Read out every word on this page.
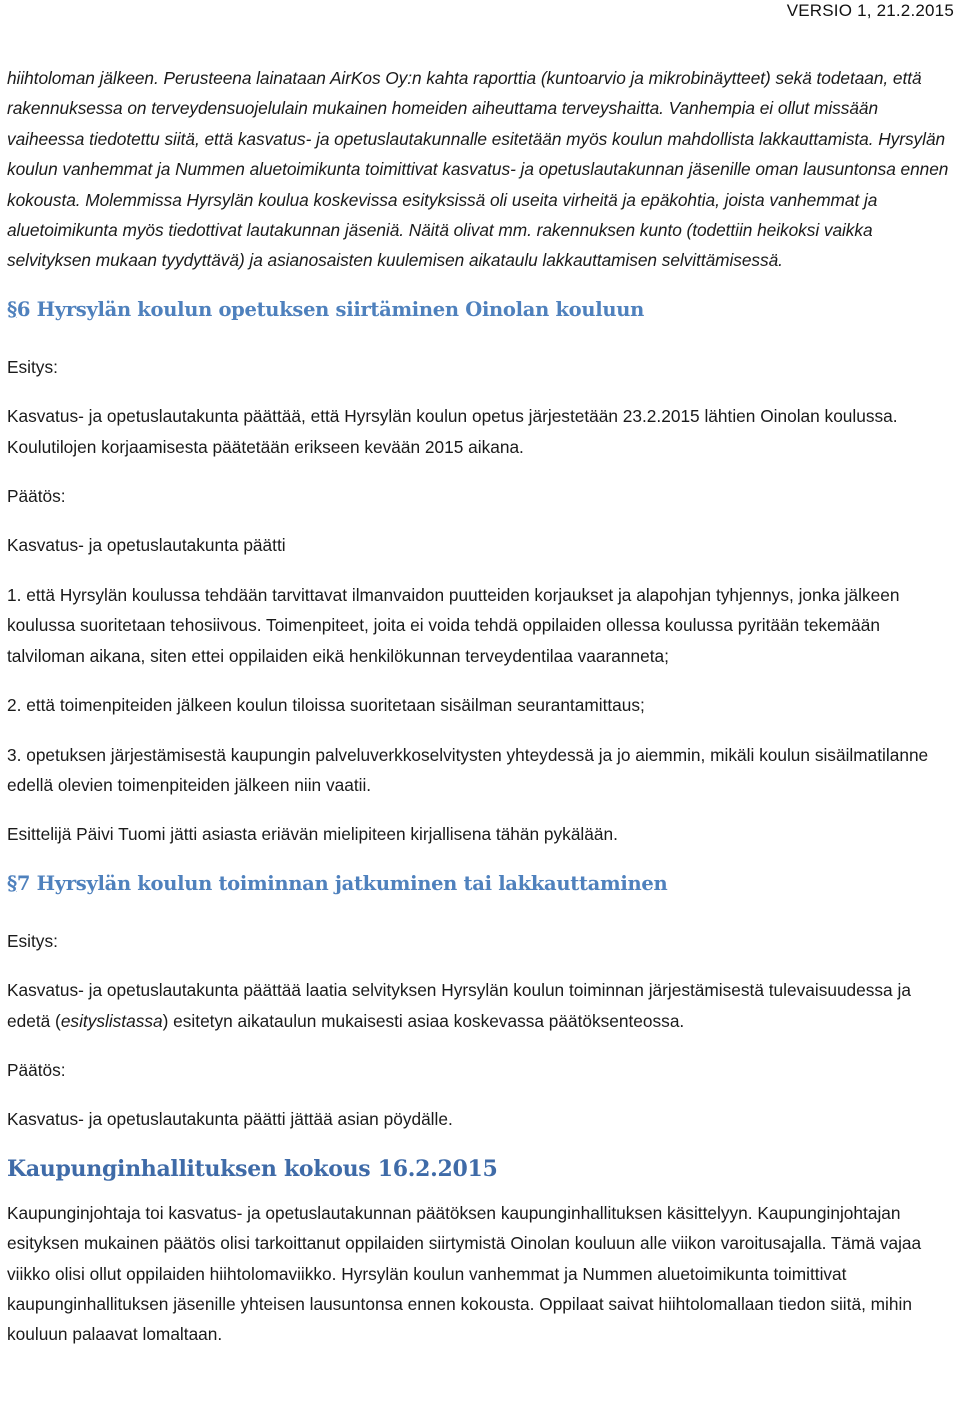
VERSIO 1, 21.2.2015

hiihtoloman jälkeen. Perusteena lainataan AirKos Oy:n kahta raporttia (kuntoarvio ja mikrobinäytteet) sekä todetaan, että rakennuksessa on terveydensuojelulain mukainen homeiden aiheuttama terveyshaitta. Vanhempia ei ollut missään vaiheessa tiedotettu siitä, että kasvatus- ja opetuslautakunnalle esitetään myös koulun mahdollista lakkauttamista. Hyrsylän koulun vanhemmat ja Nummen aluetoimikunta toimittivat kasvatus- ja opetuslautakunnan jäsenille oman lausuntonsa ennen kokousta. Molemmissa Hyrsylän koulua koskevissa esityksissä oli useita virheitä ja epäkohtia, joista vanhemmat ja aluetoimikunta myös tiedottivat lautakunnan jäseniä. Näitä olivat mm. rakennuksen kunto (todettiin heikoksi vaikka selvityksen mukaan tyydyttävä) ja asianosaisten kuulemisen aikataulu lakkauttamisen selvittämisessä.

§6 Hyrsylän koulun opetuksen siirtäminen Oinolan kouluun

Esitys:

Kasvatus- ja opetuslautakunta päättää, että Hyrsylän koulun opetus järjestetään 23.2.2015 lähtien Oinolan koulussa. Koulutilojen korjaamisesta päätetään erikseen kevään 2015 aikana.

Päätös:

Kasvatus- ja opetuslautakunta päätti

1. että Hyrsylän koulussa tehdään tarvittavat ilmanvaidon puutteiden korjaukset ja alapohjan tyhjennys, jonka jälkeen koulussa suoritetaan tehosiivous. Toimenpiteet, joita ei voida tehdä oppilaiden ollessa koulussa pyritään tekemään talviloman aikana, siten ettei oppilaiden eikä henkilökunnan terveydentilaa vaaranneta;

2. että toimenpiteiden jälkeen koulun tiloissa suoritetaan sisäilman seurantamittaus;

3. opetuksen järjestämisestä kaupungin palveluverkkoselvitysten yhteydessä ja jo aiemmin, mikäli koulun sisäilmatilanne edellä olevien toimenpiteiden jälkeen niin vaatii.

Esittelijä Päivi Tuomi jätti asiasta eriävän mielipiteen kirjallisena tähän pykälään.

§7 Hyrsylän koulun toiminnan jatkuminen tai lakkauttaminen

Esitys:

Kasvatus- ja opetuslautakunta päättää laatia selvityksen Hyrsylän koulun toiminnan järjestämisestä tulevaisuudessa ja edetä (esityslistassa) esitetyn aikataulun mukaisesti asiaa koskevassa päätöksenteossa.

Päätös:

Kasvatus- ja opetuslautakunta päätti jättää asian pöydälle.

Kaupunginhallituksen kokous 16.2.2015

Kaupunginjohtaja toi kasvatus- ja opetuslautakunnan päätöksen kaupunginhallituksen käsittelyyn. Kaupunginjohtajan esityksen mukainen päätös olisi tarkoittanut oppilaiden siirtymistä Oinolan kouluun alle viikon varoitusajalla. Tämä vajaa viikko olisi ollut oppilaiden hiihtolomaviikko. Hyrsylän koulun vanhemmat ja Nummen aluetoimikunta toimittivat kaupunginhallituksen jäsenille yhteisen lausuntonsa ennen kokousta. Oppilaat saivat hiihtolomallaan tiedon siitä, mihin kouluun palaavat lomaltaan.
